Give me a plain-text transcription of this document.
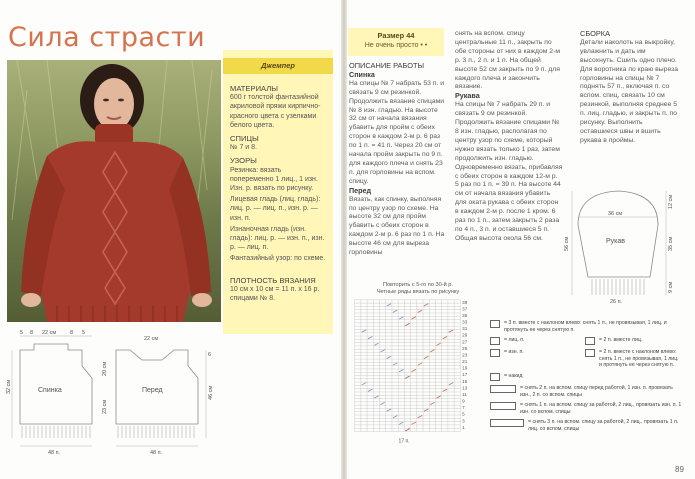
Сила страсти
Джемпер
МАТЕРИАЛЫ

600 г толстой фантазийной акриловой пряжи кирпично-красного цвета с узелками белого цвета.

СПИЦЫ

№ 7 и 8.

УЗОРЫ

Резинка: вязать попеременно 1 лиц., 1 изн. Изн. р. вязать по рисунку.

Лицевая гладь (лиц. гладь): лиц. р. — лиц. п., изн. р. — изн. п.

Изнаночная гладь (изн. гладь): лиц. р. — изн. п., изн. р. — лиц. п.

Фантазийный узор: по схеме.

ПЛОТНОСТЬ ВЯЗАНИЯ

10 см x 10 см = 11 п. x 16 р. спицами № 8.

5 8 22 см	8 5
Спинка	Перед
48 п.	48 п.
22 см
32 см
20 см
23 см
46 см
6
Размер 44
Не очень просто • •
ОПИСАНИЕ РАБОТЫ
Спинка

На спицы № 7 набрать 53 п. и связать 9 см резинкой. Продолжить вязание спицами № 8 изн. гладью. На высоте 32 см от начала вязания убавить для пройм с обеих сторон в каждом 2-м р. 6 раз по 1 п. = 41 п. Через 20 см от начала пройм закрыть по 9 п. для каждого плеча и снять 23 п. для горловины на вспом. спицу.

Перед

Вязать, как спинку, выполняя по центру узор по схеме. На высоте 32 см для пройм убавить с обеих сторон в каждом 2-м р. 6 раз по 1 п. На высоте 46 см для выреза горловины

снять на вспом. спицу центральные 11 п., закрыть по обе стороны от них в каждом 2-м р. 3 п., 2 п. и 1 п. На общей высоте 52 см закрыть по 9 п. для каждого плеча и закончить вязание.

Рукава

На спицы № 7 набрать 29 п. и связать 9 см резинкой. Продолжить вязание спицами № 8 изн. гладью, располагая по центру узор по схеме, который нужно вязать только 1 раз, затем продолжить изн. гладью. Одновременно вязать, прибавляя с обеих сторон в каждом 12-м р. 5 раз по 1 п. = 39 п. На высоте 44 см от начала вязания убавить для оката рукава с обеих сторон в каждом 2-м р. после 1 кром. 6 раз по 1 п., затем закрыть 2 раза по 4 п., 3 п. и оставшиеся 5 п. Общая высота окола 56 см.

СБОРКА

Детали наколоть на выкройку, увлажнить и дать им высохнуть. Сшить одно плечо. Для воротника по краю выреза горловины на спицы № 7 поднять 57 п., включая п. со вспом. спиц, связать 10 см резинкой, выполняя среднее 5 п. лиц. гладью, и закрыть п. по рисунку. Выполнить оставшиеся швы и вшить рукава в проймы.

36 см
Рукав
26 п.
12 см
56 см	35 см
9 см
Повторить с 5-го по 30-й р.
Четные ряды вязать по рисунку
39
37
35
33
31
29
27
25
23
21
19
17
15
13
11
9
7
5
3
1
17 п.
= 3 п. вместе с наклоном влево: снять 1 п., не провязывая, 1 лиц. и протянуть ее через снятую п.
= лиц. п.
	= 2 п. вместе лиц.

= изн. п.
	= 2 п. вместе с наклоном влево: снять 1 п., не провязывая, 1 лиц. и протянуть ее через снятую п.
= накид
= снять 2 п. на вспом. спицу перед работой, 1 изн. п. провязать изн., 2 п. со вспом. спицы
= снять 1 п. на вспом. спицу за работой, 2 лиц., провязать изн. п. 1 изн. со вспом. спицы
= снять 3 п. на вспом. спицу за работой, 2 лиц., провязать 1 п. лиц. со вспом. спицы
89
